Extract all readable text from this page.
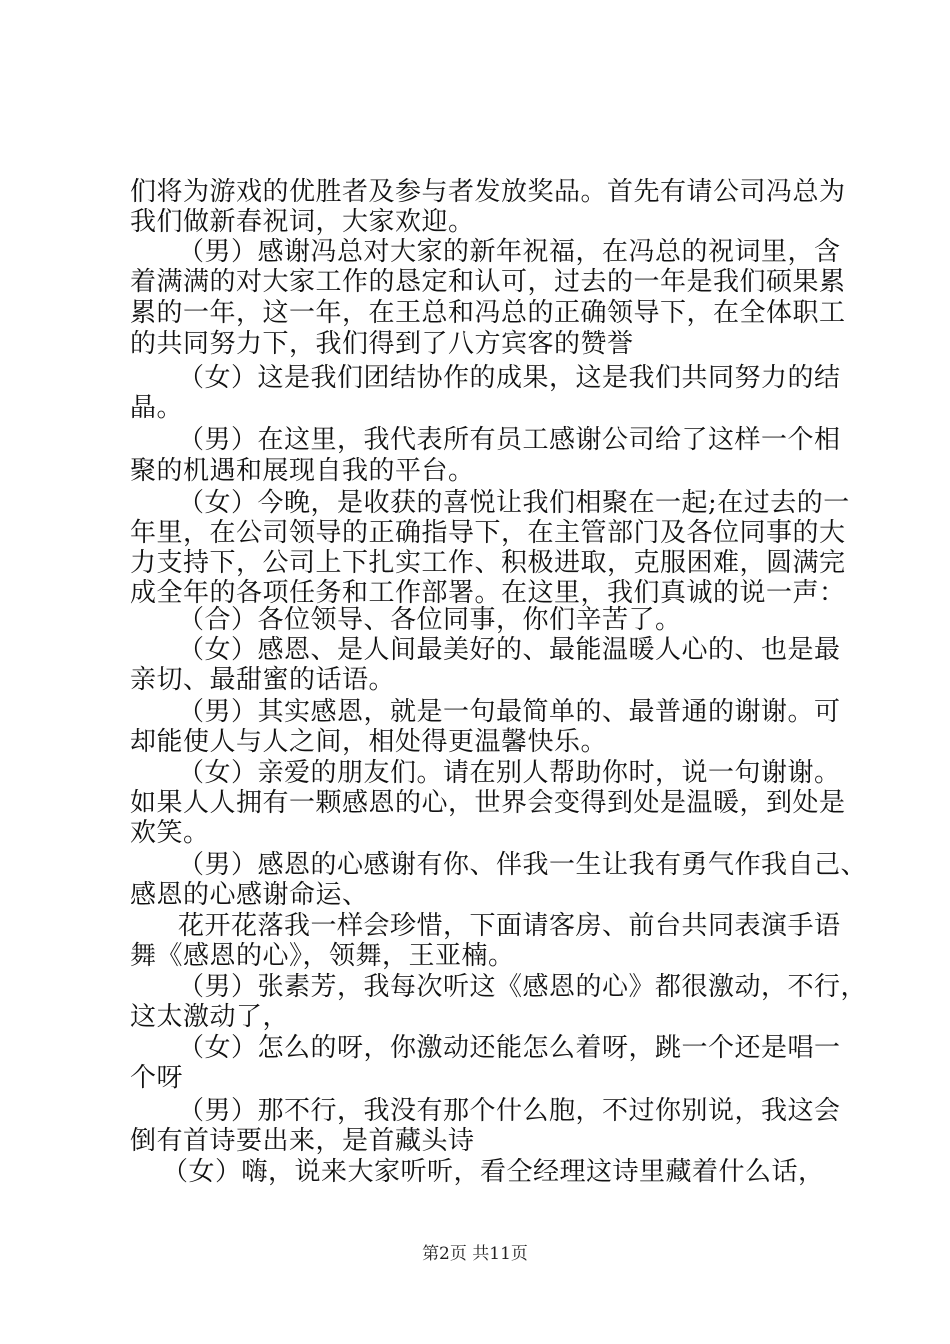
们将为游戏的优胜者及参与者发放奖品。首先有请公司冯总为
我们做新春祝词，大家欢迎。
（男）感谢冯总对大家的新年祝福，在冯总的祝词里，含
着满满的对大家工作的恳定和认可，过去的一年是我们硕果累
累的一年，这一年，在王总和冯总的正确领导下，在全体职工
的共同努力下，我们得到了八方宾客的赞誉
（女）这是我们团结协作的成果，这是我们共同努力的结
晶。
（男）在这里，我代表所有员工感谢公司给了这样一个相
聚的机遇和展现自我的平台。
（女）今晚，是收获的喜悦让我们相聚在一起;在过去的一
年里，在公司领导的正确指导下，在主管部门及各位同事的大
力支持下，公司上下扎实工作、积极进取，克服困难，圆满完
成全年的各项任务和工作部署。在这里，我们真诚的说一声：
（合）各位领导、各位同事，你们辛苦了。
（女）感恩、是人间最美好的、最能温暖人心的、也是最
亲切、最甜蜜的话语。
（男）其实感恩，就是一句最简单的、最普通的谢谢。可
却能使人与人之间，相处得更温馨快乐。
（女）亲爱的朋友们。请在别人帮助你时，说一句谢谢。
如果人人拥有一颗感恩的心，世界会变得到处是温暖，到处是
欢笑。
（男）感恩的心感谢有你、伴我一生让我有勇气作我自己、
感恩的心感谢命运、
花开花落我一样会珍惜，下面请客房、前台共同表演手语
舞《感恩的心》，领舞，王亚楠。
（男）张素芳，我每次听这《感恩的心》都很激动，不行，
这太激动了，
（女）怎么的呀，你激动还能怎么着呀，跳一个还是唱一
个呀
（男）那不行，我没有那个什么胞，不过你别说，我这会
倒有首诗要出来，是首藏头诗
（女）嗨，说来大家听听，看仝经理这诗里藏着什么话，
第2页 共11页
